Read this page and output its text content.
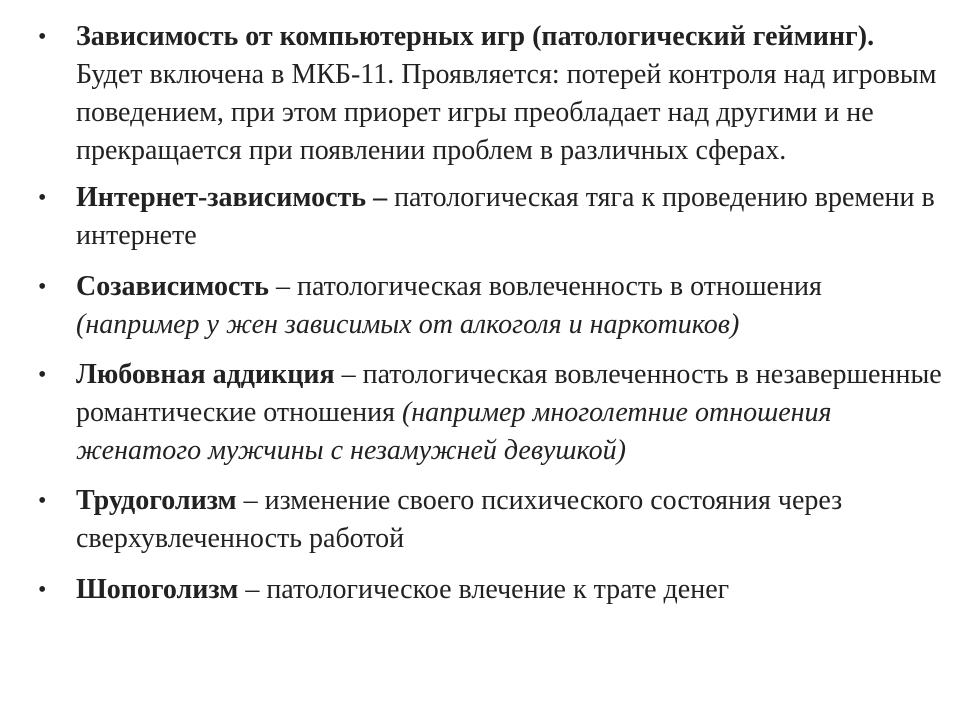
• Зависимость от компьютерных игр (патологический гейминг). Будет включена в МКБ-11. Проявляется: потерей контроля над игровым поведением, при этом приорет игры преобладает над другими и не прекращается при появлении проблем в различных сферах.
• Интернет-зависимость – патологическая тяга к проведению времени в интернете
• Созависимость – патологическая вовлеченность в отношения (например у жен зависимых от алкоголя и наркотиков)
• Любовная аддикция – патологическая вовлеченность в незавершенные романтические отношения (например многолетние отношения женатого мужчины с незамужней девушкой)
• Трудоголизм – изменение своего психического состояния через сверхувлеченность работой
• Шопоголизм – патологическое влечение к трате денег
